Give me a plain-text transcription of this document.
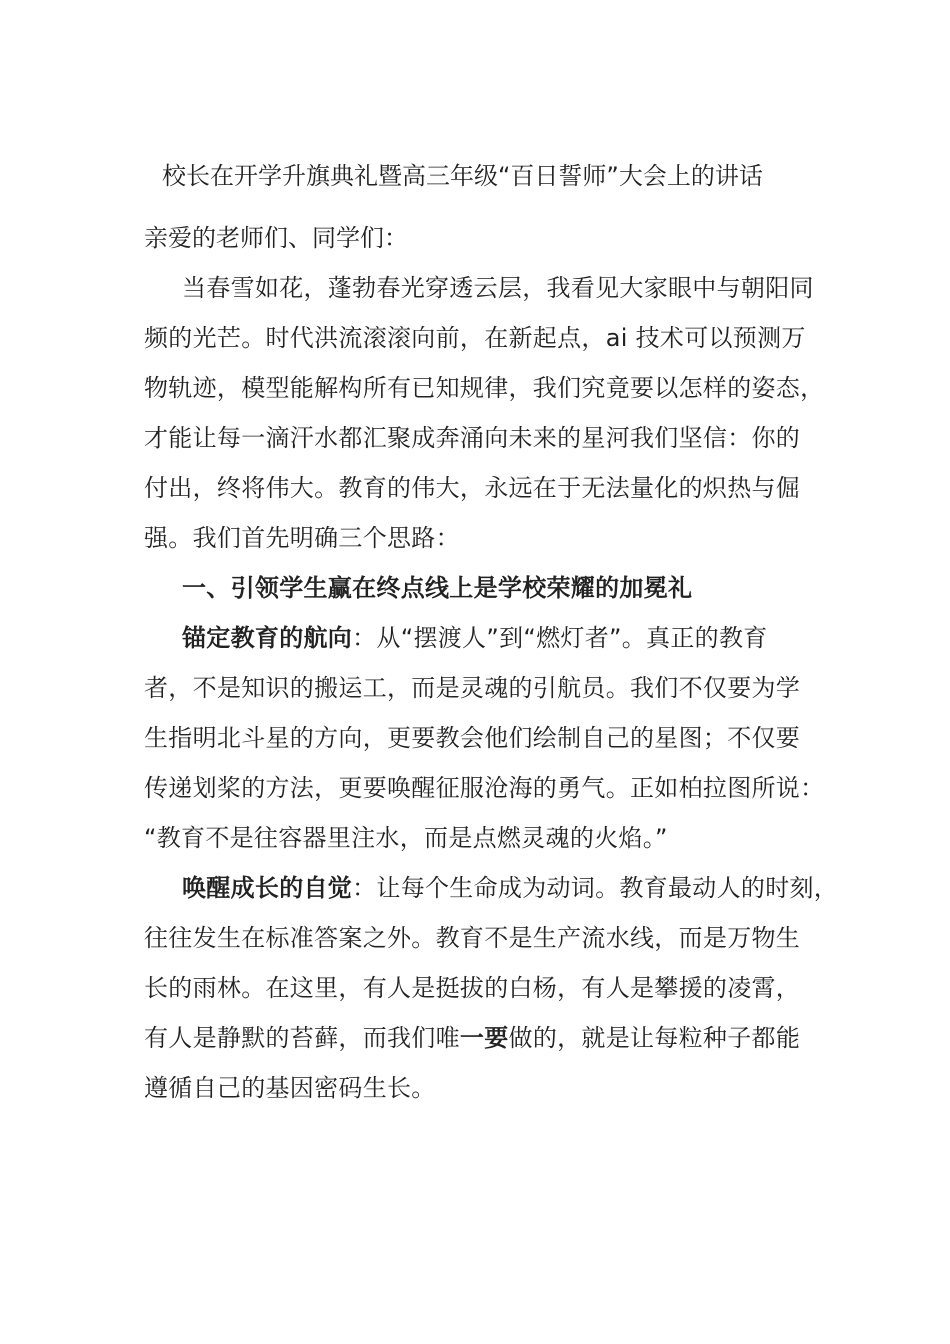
校长在开学升旗典礼暨高三年级“百日誓师”大会上的讲话
亲爱的老师们、同学们：
当春雪如花，蓬勃春光穿透云层，我看见大家眼中与朝阳同
频的光芒。时代洪流滚滚向前，在新起点，ai 技术可以预测万
物轨迹，模型能解构所有已知规律，我们究竟要以怎样的姿态，
才能让每一滴汗水都汇聚成奔涌向未来的星河我们坚信：你的
付出，终将伟大。教育的伟大，永远在于无法量化的炽热与倔
强。我们首先明确三个思路：
一、引领学生赢在终点线上是学校荣耀的加冕礼
锚定教育的航向：从“摆渡人”到“燃灯者”。真正的教育
者，不是知识的搬运工，而是灵魂的引航员。我们不仅要为学
生指明北斗星的方向，更要教会他们绘制自己的星图；不仅要
传递划桨的方法，更要唤醒征服沧海的勇气。正如柏拉图所说：
“教育不是往容器里注水，而是点燃灵魂的火焰。”
唤醒成长的自觉：让每个生命成为动词。教育最动人的时刻，
往往发生在标准答案之外。教育不是生产流水线，而是万物生
长的雨林。在这里，有人是挺拔的白杨，有人是攀援的凌霄，
有人是静默的苔藓，而我们唯一要做的，就是让每粒种子都能
遵循自己的基因密码生长。
